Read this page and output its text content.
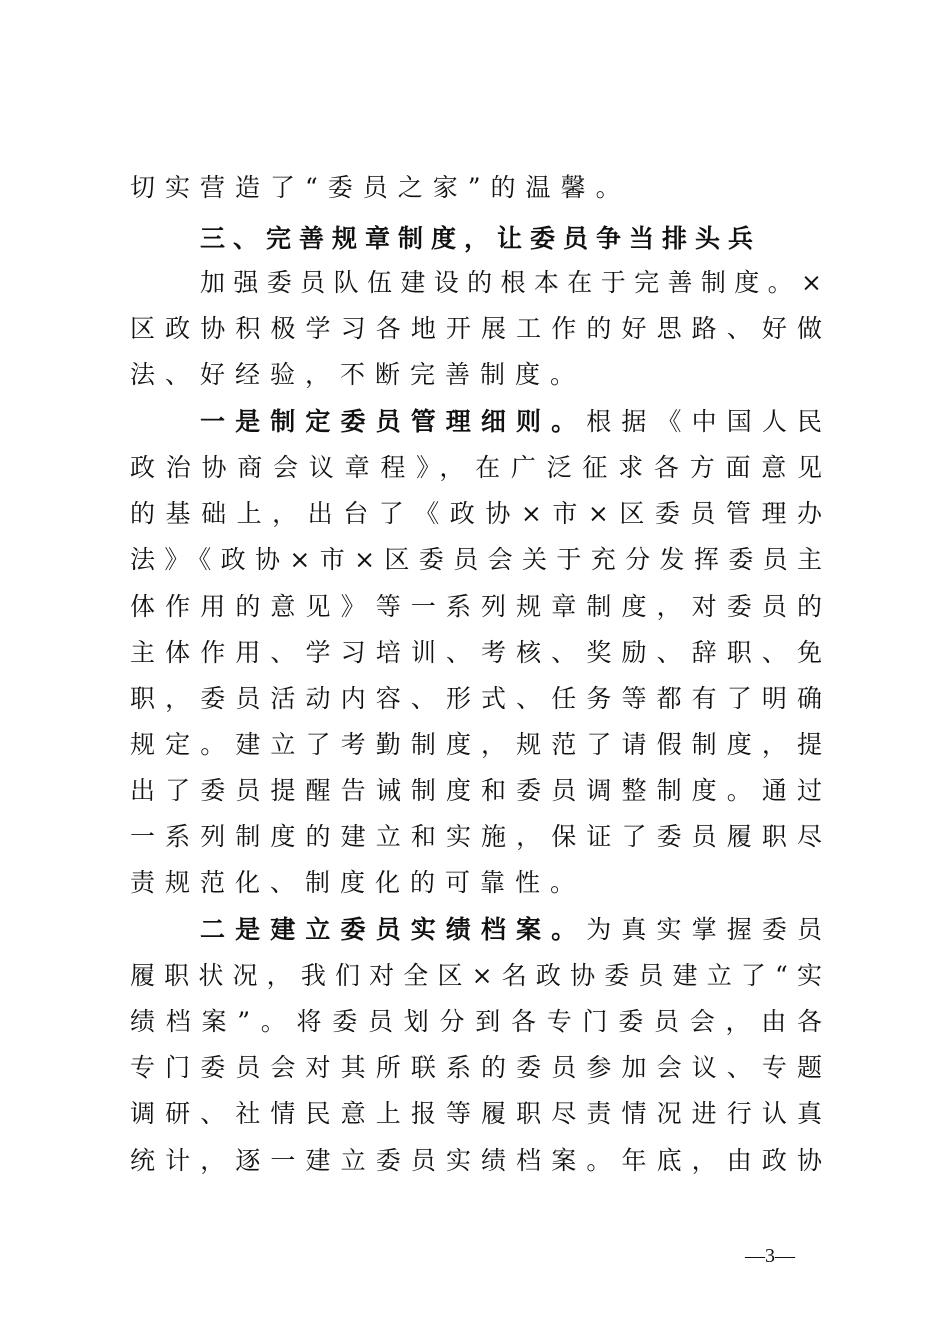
切实营造了“委员之家”的温馨。
三、完善规章制度，让委员争当排头兵
加强委员队伍建设的根本在于完善制度。×
区政协积极学习各地开展工作的好思路、好做
法、好经验，不断完善制度。
一是制定委员管理细则。根据《中国人民
政治协商会议章程》，在广泛征求各方面意见
的基础上，出台了《政协×市×区委员管理办
法》《政协×市×区委员会关于充分发挥委员主
体作用的意见》等一系列规章制度，对委员的
主体作用、学习培训、考核、奖励、辞职、免
职，委员活动内容、形式、任务等都有了明确
规定。建立了考勤制度，规范了请假制度，提
出了委员提醒告诫制度和委员调整制度。通过
一系列制度的建立和实施，保证了委员履职尽
责规范化、制度化的可靠性。
二是建立委员实绩档案。为真实掌握委员
履职状况，我们对全区×名政协委员建立了“实
绩档案”。将委员划分到各专门委员会，由各
专门委员会对其所联系的委员参加会议、专题
调研、社情民意上报等履职尽责情况进行认真
统计，逐一建立委员实绩档案。年底，由政协
—3—
